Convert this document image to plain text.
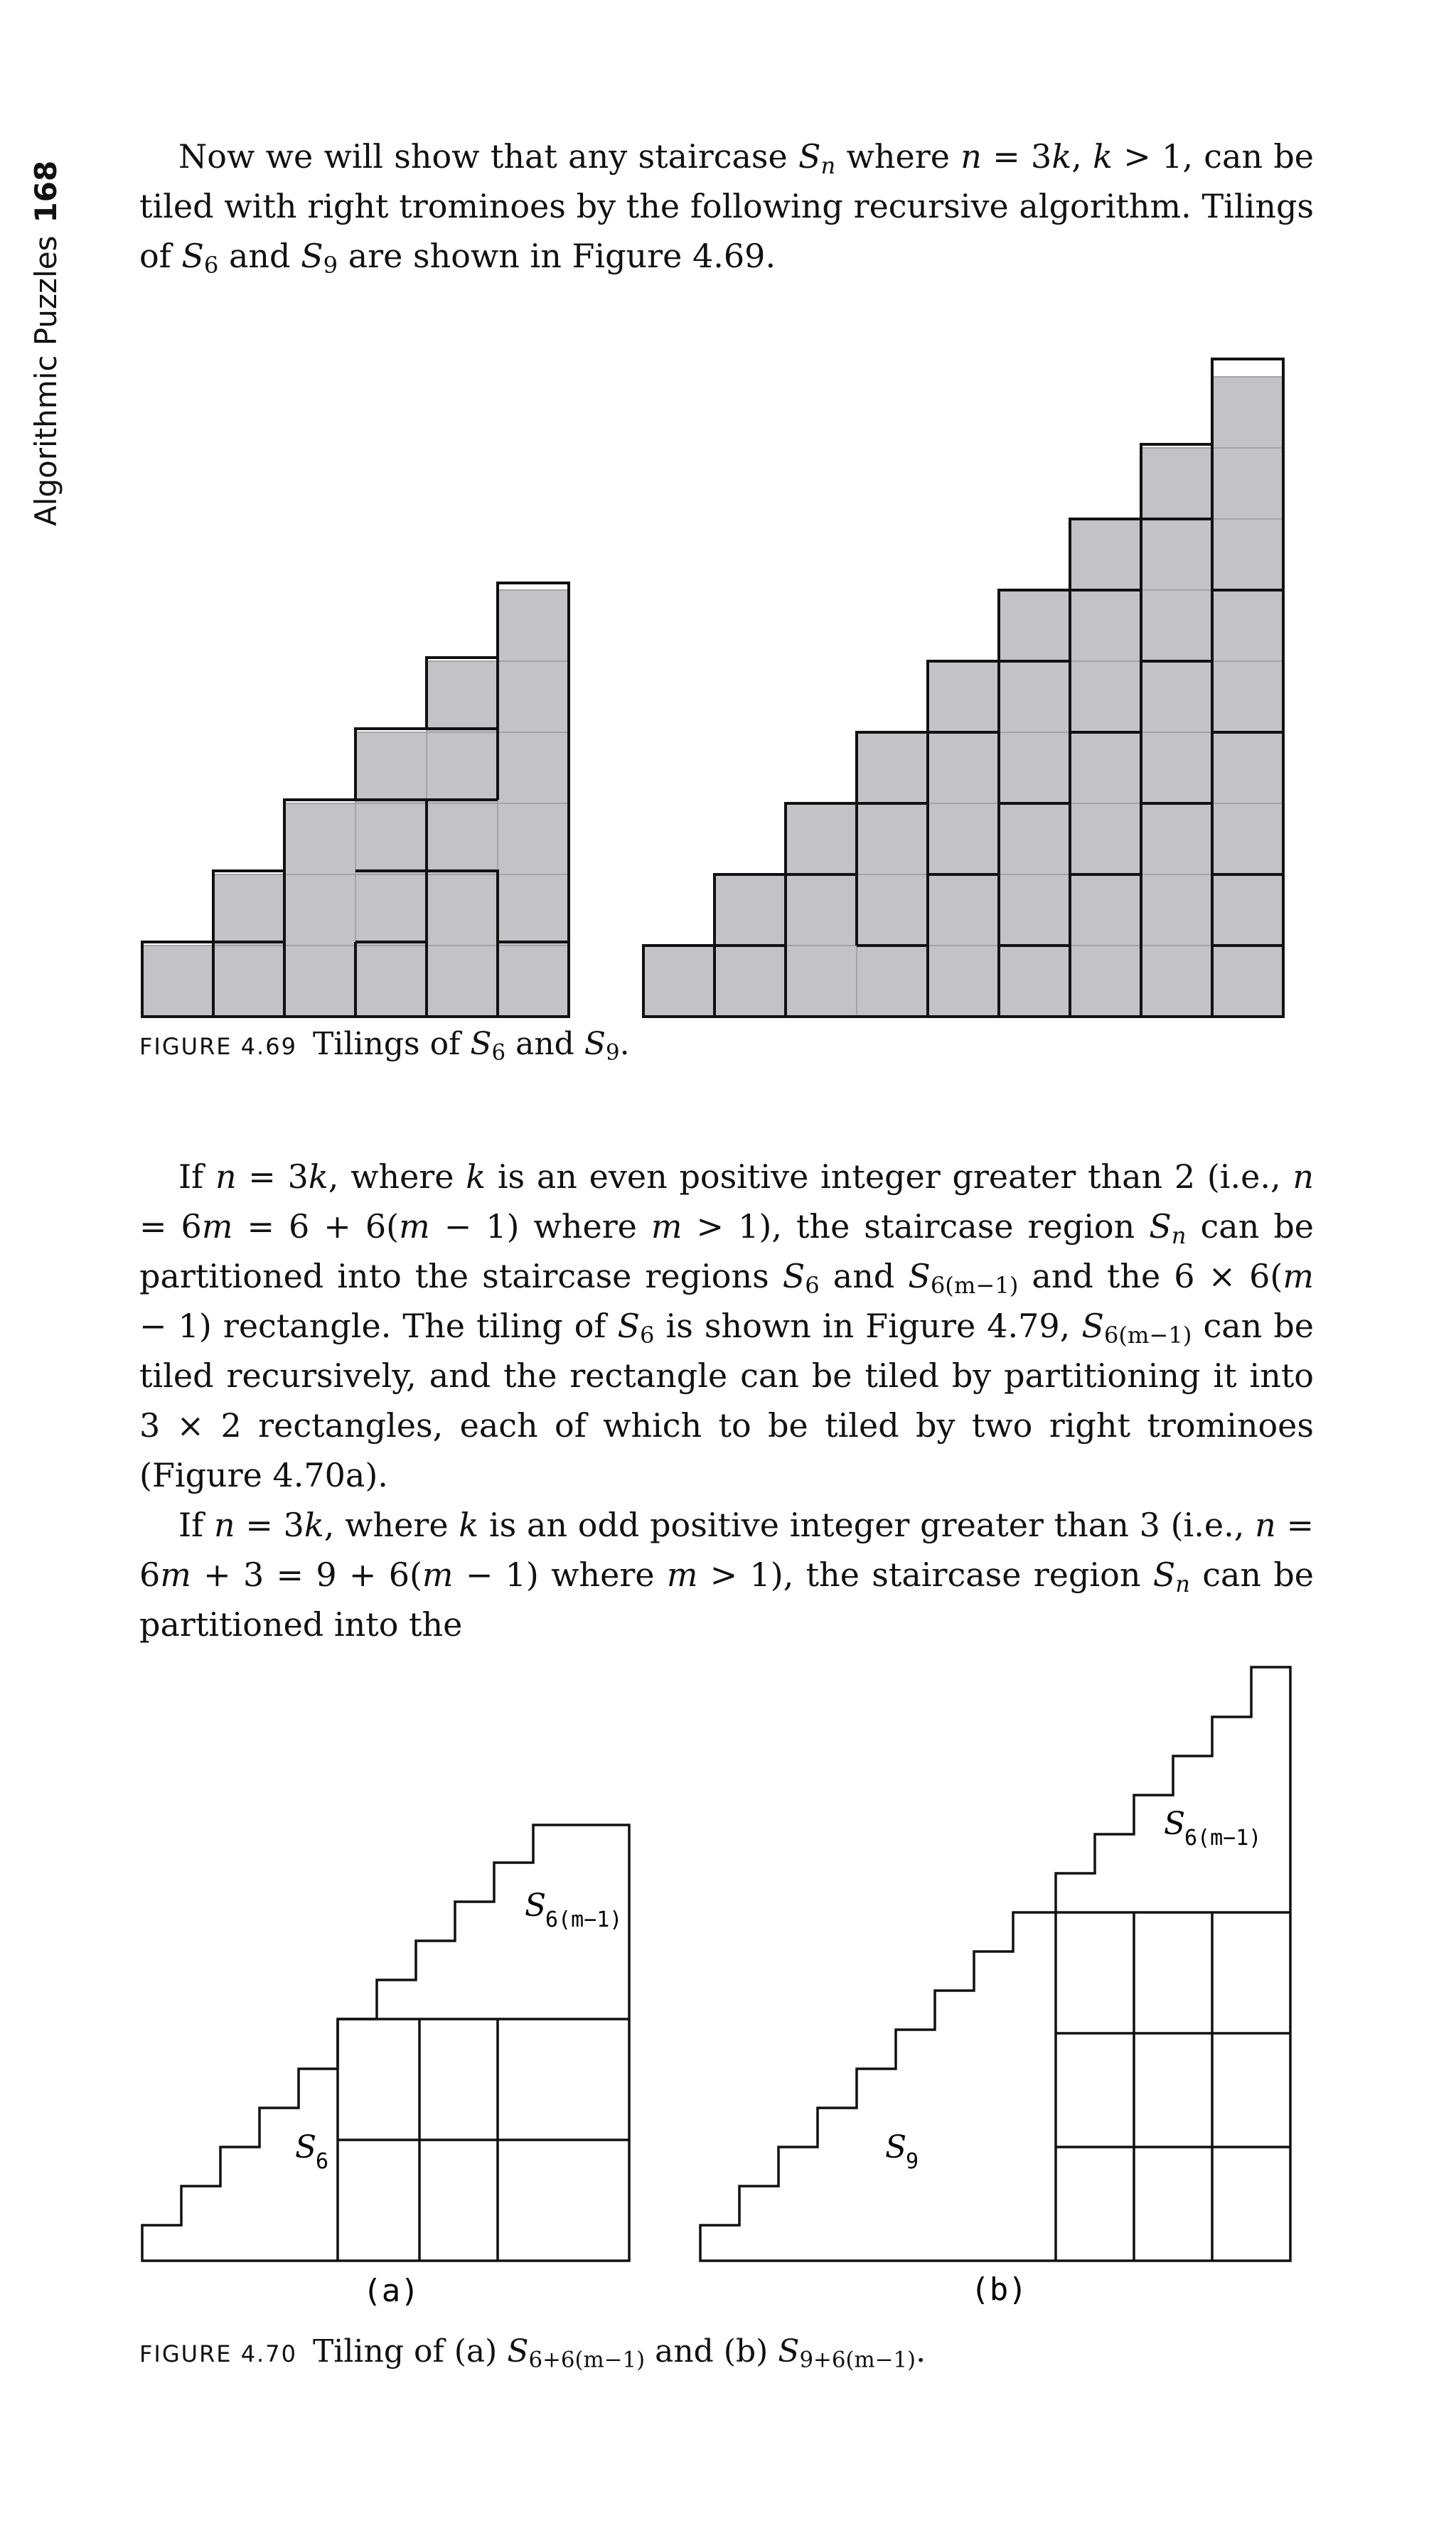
Algorithmic Puzzles168

Now we will show that any staircase $S_n$ where n = 3k, k > 1, can be tiled with right trominoes by the following recursive algorithm. Tilings of $S_6$ and $S_9$ are shown in Figure 4.69.

FIGURE 4.69 Tilings of $S_6$ and $S_9$.

If n = 3k, where k is an even positive integer greater than 2 (i.e., n = 6m = 6 + 6(m − 1) where m > 1), the staircase region $S_n$ can be partitioned into the staircase regions $S_6$ and $S_{6(m-1)}$ and the 6 × 6(m − 1) rectangle. The tiling of $S_6$ is shown in Figure 4.79, $S_{6(m-1)}$ can be tiled recursively, and the rectangle can be tiled by partitioning it into 3 × 2 rectangles, each of which to be tiled by two right trominoes (Figure 4.70a).

If n = 3k, where k is an odd positive integer greater than 3 (i.e., n = 6m + 3 = 9 + 6(m − 1) where m > 1), the staircase region $S_n$ can be partitioned into the

S
6
S
6(m−1)
(a)
S
9
S
6(m−1)
(b)
FIGURE 4.70 Tiling of (a) $S_{6+6(m-1)}$ and (b) $S_{9+6(m-1)}$.
